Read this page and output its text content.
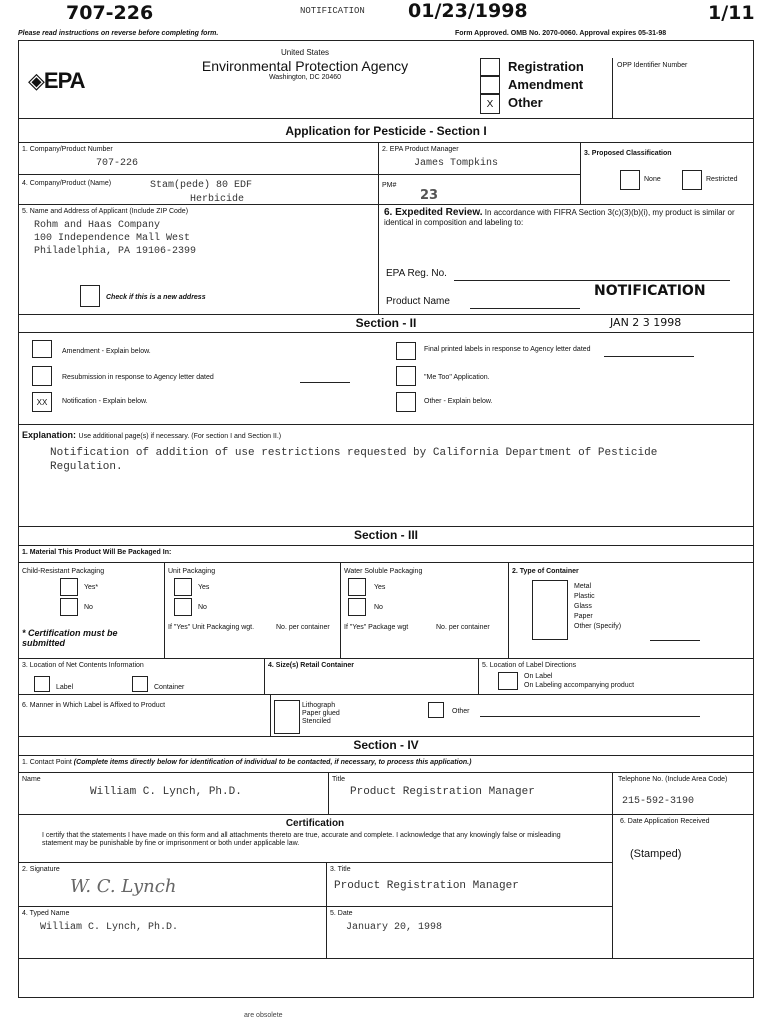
707-226	NOTIFICATION 01/23/1998	1/11
Please read instructions on reverse before completing form.	Form Approved. OMB No. 2070-0060. Approval expires 05-31-98
◈EPA
United States
Environmental Protection Agency
Washington, DC 20460
X
Registration
Amendment
Other
OPP Identifier Number
Application for Pesticide - Section I
1. Company/Product Number
707-226
2. EPA Product Manager
James Tompkins
3. Proposed Classification
None	Restricted
4. Company/Product (Name)	Stam(pede) 80 EDF
Herbicide
PM#
23
5. Name and Address of Applicant (Include ZIP Code)
Rohm and Haas Company
100 Independence Mall West
Philadelphia, PA 19106-2399
Check if this is a new address
6. Expedited Review. In accordance with FIFRA Section 3(c)(3)(b)(i), my product is similar or identical in composition and labeling to:
EPA Reg. No.
Product Name
NOTIFICATION
Section - II	JAN 2 3 1998
Amendment - Explain below.
Resubmission in response to Agency letter dated
XX	Notification - Explain below.
Final printed labels in response to Agency letter dated
"Me Too" Application.
Other - Explain below.
Explanation: Use additional page(s) if necessary. (For section I and Section II.)
Notification of addition of use restrictions requested by California Department of Pesticide Regulation.
Section - III
1. Material This Product Will Be Packaged In:
Child-Resistant Packaging	Unit Packaging	Water Soluble Packaging	2. Type of Container
Yes*
No
* Certification must be submitted
Yes
No
If "Yes" Unit Packaging wgt.	No. per container
Yes
No
If "Yes" Package wgt	No. per container
Metal
Plastic
Glass
Paper
Other (Specify)
3. Location of Net Contents Information
Label	Container
4. Size(s) Retail Container	5. Location of Label Directions
On Label
On Labeling accompanying product
6. Manner in Which Label is Affixed to Product	Lithograph
Paper glued
Stenciled
Other
Section - IV
1. Contact Point (Complete items directly below for identification of individual to be contacted, if necessary, to process this application.)
Name
William C. Lynch, Ph.D.
Title
Product Registration Manager
Telephone No. (Include Area Code)
215-592-3190
Certification
I certify that the statements I have made on this form and all attachments thereto are true, accurate and complete. I acknowledge that any knowingly false or misleading statement may be punishable by fine or imprisonment or both under applicable law.
6. Date Application Received
(Stamped)
2. Signature
W. C. Lynch
3. Title
Product Registration Manager
4. Typed Name
William C. Lynch, Ph.D.
5. Date
January 20, 1998
are obsolete
